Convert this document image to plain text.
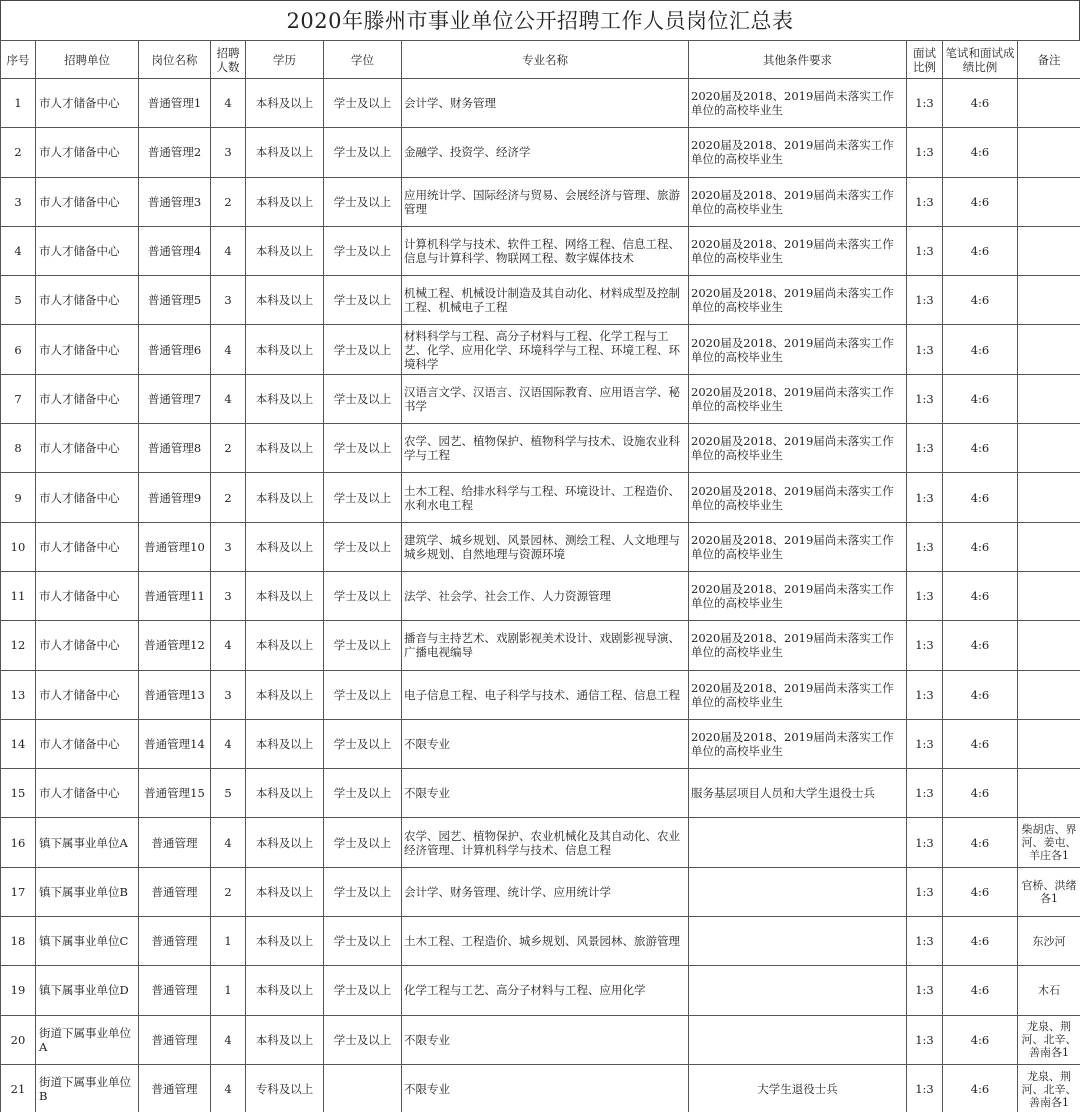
2020年滕州市事业单位公开招聘工作人员岗位汇总表
序号	招聘单位	岗位名称	招聘人数	学历	学位	专业名称	其他条件要求	面试比例	笔试和面试成绩比例	备注
1	市人才储备中心	普通管理1	4	本科及以上	学士及以上	会计学、财务管理	2020届及2018、2019届尚未落实工作单位的高校毕业生	1:3	4:6	
2	市人才储备中心	普通管理2	3	本科及以上	学士及以上	金融学、投资学、经济学	2020届及2018、2019届尚未落实工作单位的高校毕业生	1:3	4:6	
3	市人才储备中心	普通管理3	2	本科及以上	学士及以上	应用统计学、国际经济与贸易、会展经济与管理、旅游管理	2020届及2018、2019届尚未落实工作单位的高校毕业生	1:3	4:6	
4	市人才储备中心	普通管理4	4	本科及以上	学士及以上	计算机科学与技术、软件工程、网络工程、信息工程、信息与计算科学、物联网工程、数字媒体技术	2020届及2018、2019届尚未落实工作单位的高校毕业生	1:3	4:6	
5	市人才储备中心	普通管理5	3	本科及以上	学士及以上	机械工程、机械设计制造及其自动化、材料成型及控制工程、机械电子工程	2020届及2018、2019届尚未落实工作单位的高校毕业生	1:3	4:6	
6	市人才储备中心	普通管理6	4	本科及以上	学士及以上	材料科学与工程、高分子材料与工程、化学工程与工艺、化学、应用化学、环境科学与工程、环境工程、环境科学	2020届及2018、2019届尚未落实工作单位的高校毕业生	1:3	4:6	
7	市人才储备中心	普通管理7	4	本科及以上	学士及以上	汉语言文学、汉语言、汉语国际教育、应用语言学、秘书学	2020届及2018、2019届尚未落实工作单位的高校毕业生	1:3	4:6	
8	市人才储备中心	普通管理8	2	本科及以上	学士及以上	农学、园艺、植物保护、植物科学与技术、设施农业科学与工程	2020届及2018、2019届尚未落实工作单位的高校毕业生	1:3	4:6	
9	市人才储备中心	普通管理9	2	本科及以上	学士及以上	土木工程、给排水科学与工程、环境设计、工程造价、水利水电工程	2020届及2018、2019届尚未落实工作单位的高校毕业生	1:3	4:6	
10	市人才储备中心	普通管理10	3	本科及以上	学士及以上	建筑学、城乡规划、风景园林、测绘工程、人文地理与城乡规划、自然地理与资源环境	2020届及2018、2019届尚未落实工作单位的高校毕业生	1:3	4:6	
11	市人才储备中心	普通管理11	3	本科及以上	学士及以上	法学、社会学、社会工作、人力资源管理	2020届及2018、2019届尚未落实工作单位的高校毕业生	1:3	4:6	
12	市人才储备中心	普通管理12	4	本科及以上	学士及以上	播音与主持艺术、戏剧影视美术设计、戏剧影视导演、广播电视编导	2020届及2018、2019届尚未落实工作单位的高校毕业生	1:3	4:6	
13	市人才储备中心	普通管理13	3	本科及以上	学士及以上	电子信息工程、电子科学与技术、通信工程、信息工程	2020届及2018、2019届尚未落实工作单位的高校毕业生	1:3	4:6	
14	市人才储备中心	普通管理14	4	本科及以上	学士及以上	不限专业	2020届及2018、2019届尚未落实工作单位的高校毕业生	1:3	4:6	
15	市人才储备中心	普通管理15	5	本科及以上	学士及以上	不限专业	服务基层项目人员和大学生退役士兵	1:3	4:6	
16	镇下属事业单位A	普通管理	4	本科及以上	学士及以上	农学、园艺、植物保护、农业机械化及其自动化、农业经济管理、计算机科学与技术、信息工程		1:3	4:6	柴胡店、界河、姜屯、羊庄各1
17	镇下属事业单位B	普通管理	2	本科及以上	学士及以上	会计学、财务管理、统计学、应用统计学		1:3	4:6	官桥、洪绪各1
18	镇下属事业单位C	普通管理	1	本科及以上	学士及以上	土木工程、工程造价、城乡规划、风景园林、旅游管理		1:3	4:6	东沙河
19	镇下属事业单位D	普通管理	1	本科及以上	学士及以上	化学工程与工艺、高分子材料与工程、应用化学		1:3	4:6	木石
20	街道下属事业单位A	普通管理	4	本科及以上	学士及以上	不限专业		1:3	4:6	龙泉、荆河、北辛、善南各1
21	街道下属事业单位B	普通管理	4	专科及以上		不限专业	大学生退役士兵	1:3	4:6	龙泉、荆河、北辛、善南各1
